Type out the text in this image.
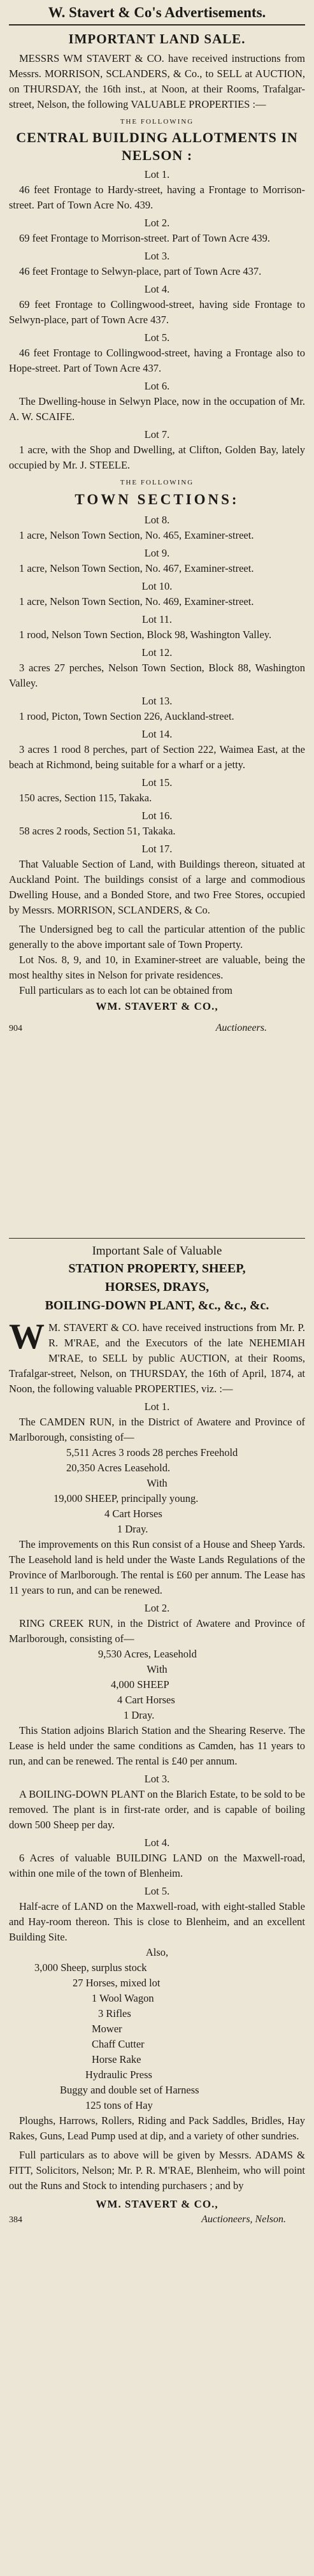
W. Stavert & Co's Advertisements.
IMPORTANT LAND SALE.

MESSRS WM STAVERT & CO. have received instructions from Messrs. MORRISON, SCLANDERS, & Co., to SELL at AUCTION, on THURSDAY, the 16th inst., at Noon, at their Rooms, Trafalgar-street, Nelson, the following VALUABLE PROPERTIES :—

THE FOLLOWING
CENTRAL BUILDING ALLOTMENTS IN NELSON :
Lot 1.

46 feet Frontage to Hardy-street, having a Frontage to Morrison-street. Part of Town Acre No. 439.

Lot 2.

69 feet Frontage to Morrison-street. Part of Town Acre 439.

Lot 3.

46 feet Frontage to Selwyn-place, part of Town Acre 437.

Lot 4.

69 feet Frontage to Collingwood-street, having side Frontage to Selwyn-place, part of Town Acre 437.

Lot 5.

46 feet Frontage to Collingwood-street, having a Frontage also to Hope-street. Part of Town Acre 437.

Lot 6.

The Dwelling-house in Selwyn Place, now in the occupation of Mr. A. W. SCAIFE.

Lot 7.

1 acre, with the Shop and Dwelling, at Clifton, Golden Bay, lately occupied by Mr. J. STEELE.

THE FOLLOWING
TOWN SECTIONS:
Lot 8.

1 acre, Nelson Town Section, No. 465, Examiner-street.

Lot 9.

1 acre, Nelson Town Section, No. 467, Examiner-street.

Lot 10.

1 acre, Nelson Town Section, No. 469, Examiner-street.

Lot 11.

1 rood, Nelson Town Section, Block 98, Washington Valley.

Lot 12.

3 acres 27 perches, Nelson Town Section, Block 88, Washington Valley.

Lot 13.

1 rood, Picton, Town Section 226, Auckland-street.

Lot 14.

3 acres 1 rood 8 perches, part of Section 222, Waimea East, at the beach at Richmond, being suitable for a wharf or a jetty.

Lot 15.

150 acres, Section 115, Takaka.

Lot 16.

58 acres 2 roods, Section 51, Takaka.

Lot 17.

That Valuable Section of Land, with Buildings thereon, situated at Auckland Point. The buildings consist of a large and commodious Dwelling House, and a Bonded Store, and two Free Stores, occupied by Messrs. MORRISON, SCLANDERS, & Co.

The Undersigned beg to call the particular attention of the public generally to the above important sale of Town Property.

Lot Nos. 8, 9, and 10, in Examiner-street are valuable, being the most healthy sites in Nelson for private residences.

Full particulars as to each lot can be obtained from

WM. STAVERT & CO.,
904	Auctioneers.
Important Sale of Valuable
STATION PROPERTY, SHEEP,
HORSES, DRAYS,
BOILING-DOWN PLANT, &c., &c., &c.

W M. STAVERT & CO. have received instructions from Mr. P. R. M'RAE, and the Executors of the late NEHEMIAH M'RAE, to SELL by public AUCTION, at their Rooms, Trafalgar-street, Nelson, on THURSDAY, the 16th of April, 1874, at Noon, the following valuable PROPERTIES, viz. :—

Lot 1.

The CAMDEN RUN, in the District of Awatere and Province of Marlborough, consisting of—

5,511 Acres 3 roods 28 perches Freehold
20,350 Acres Leasehold.
With
19,000 SHEEP, principally young.
4 Cart Horses
1 Dray.

The improvements on this Run consist of a House and Sheep Yards. The Leasehold land is held under the Waste Lands Regulations of the Province of Marlborough. The rental is £60 per annum. The Lease has 11 years to run, and can be renewed.

Lot 2.

RING CREEK RUN, in the District of Awatere and Province of Marlborough, consisting of—

9,530 Acres, Leasehold
With
4,000 SHEEP
4 Cart Horses
1 Dray.

This Station adjoins Blarich Station and the Shearing Reserve. The Lease is held under the same conditions as Camden, has 11 years to run, and can be renewed. The rental is £40 per annum.

Lot 3.

A BOILING-DOWN PLANT on the Blarich Estate, to be sold to be removed. The plant is in first-rate order, and is capable of boiling down 500 Sheep per day.

Lot 4.

6 Acres of valuable BUILDING LAND on the Maxwell-road, within one mile of the town of Blenheim.

Lot 5.

Half-acre of LAND on the Maxwell-road, with eight-stalled Stable and Hay-room thereon. This is close to Blenheim, and an excellent Building Site.

Also,
3,000 Sheep, surplus stock
27 Horses, mixed lot
1 Wool Wagon
3 Rifles
Mower
Chaff Cutter
Horse Rake
Hydraulic Press
Buggy and double set of Harness
125 tons of Hay

Ploughs, Harrows, Rollers, Riding and Pack Saddles, Bridles, Hay Rakes, Guns, Lead Pump used at dip, and a variety of other sundries.

Full particulars as to above will be given by Messrs. ADAMS & FITT, Solicitors, Nelson; Mr. P. R. M'RAE, Blenheim, who will point out the Runs and Stock to intending purchasers ; and by

WM. STAVERT & CO.,
384	Auctioneers, Nelson.
